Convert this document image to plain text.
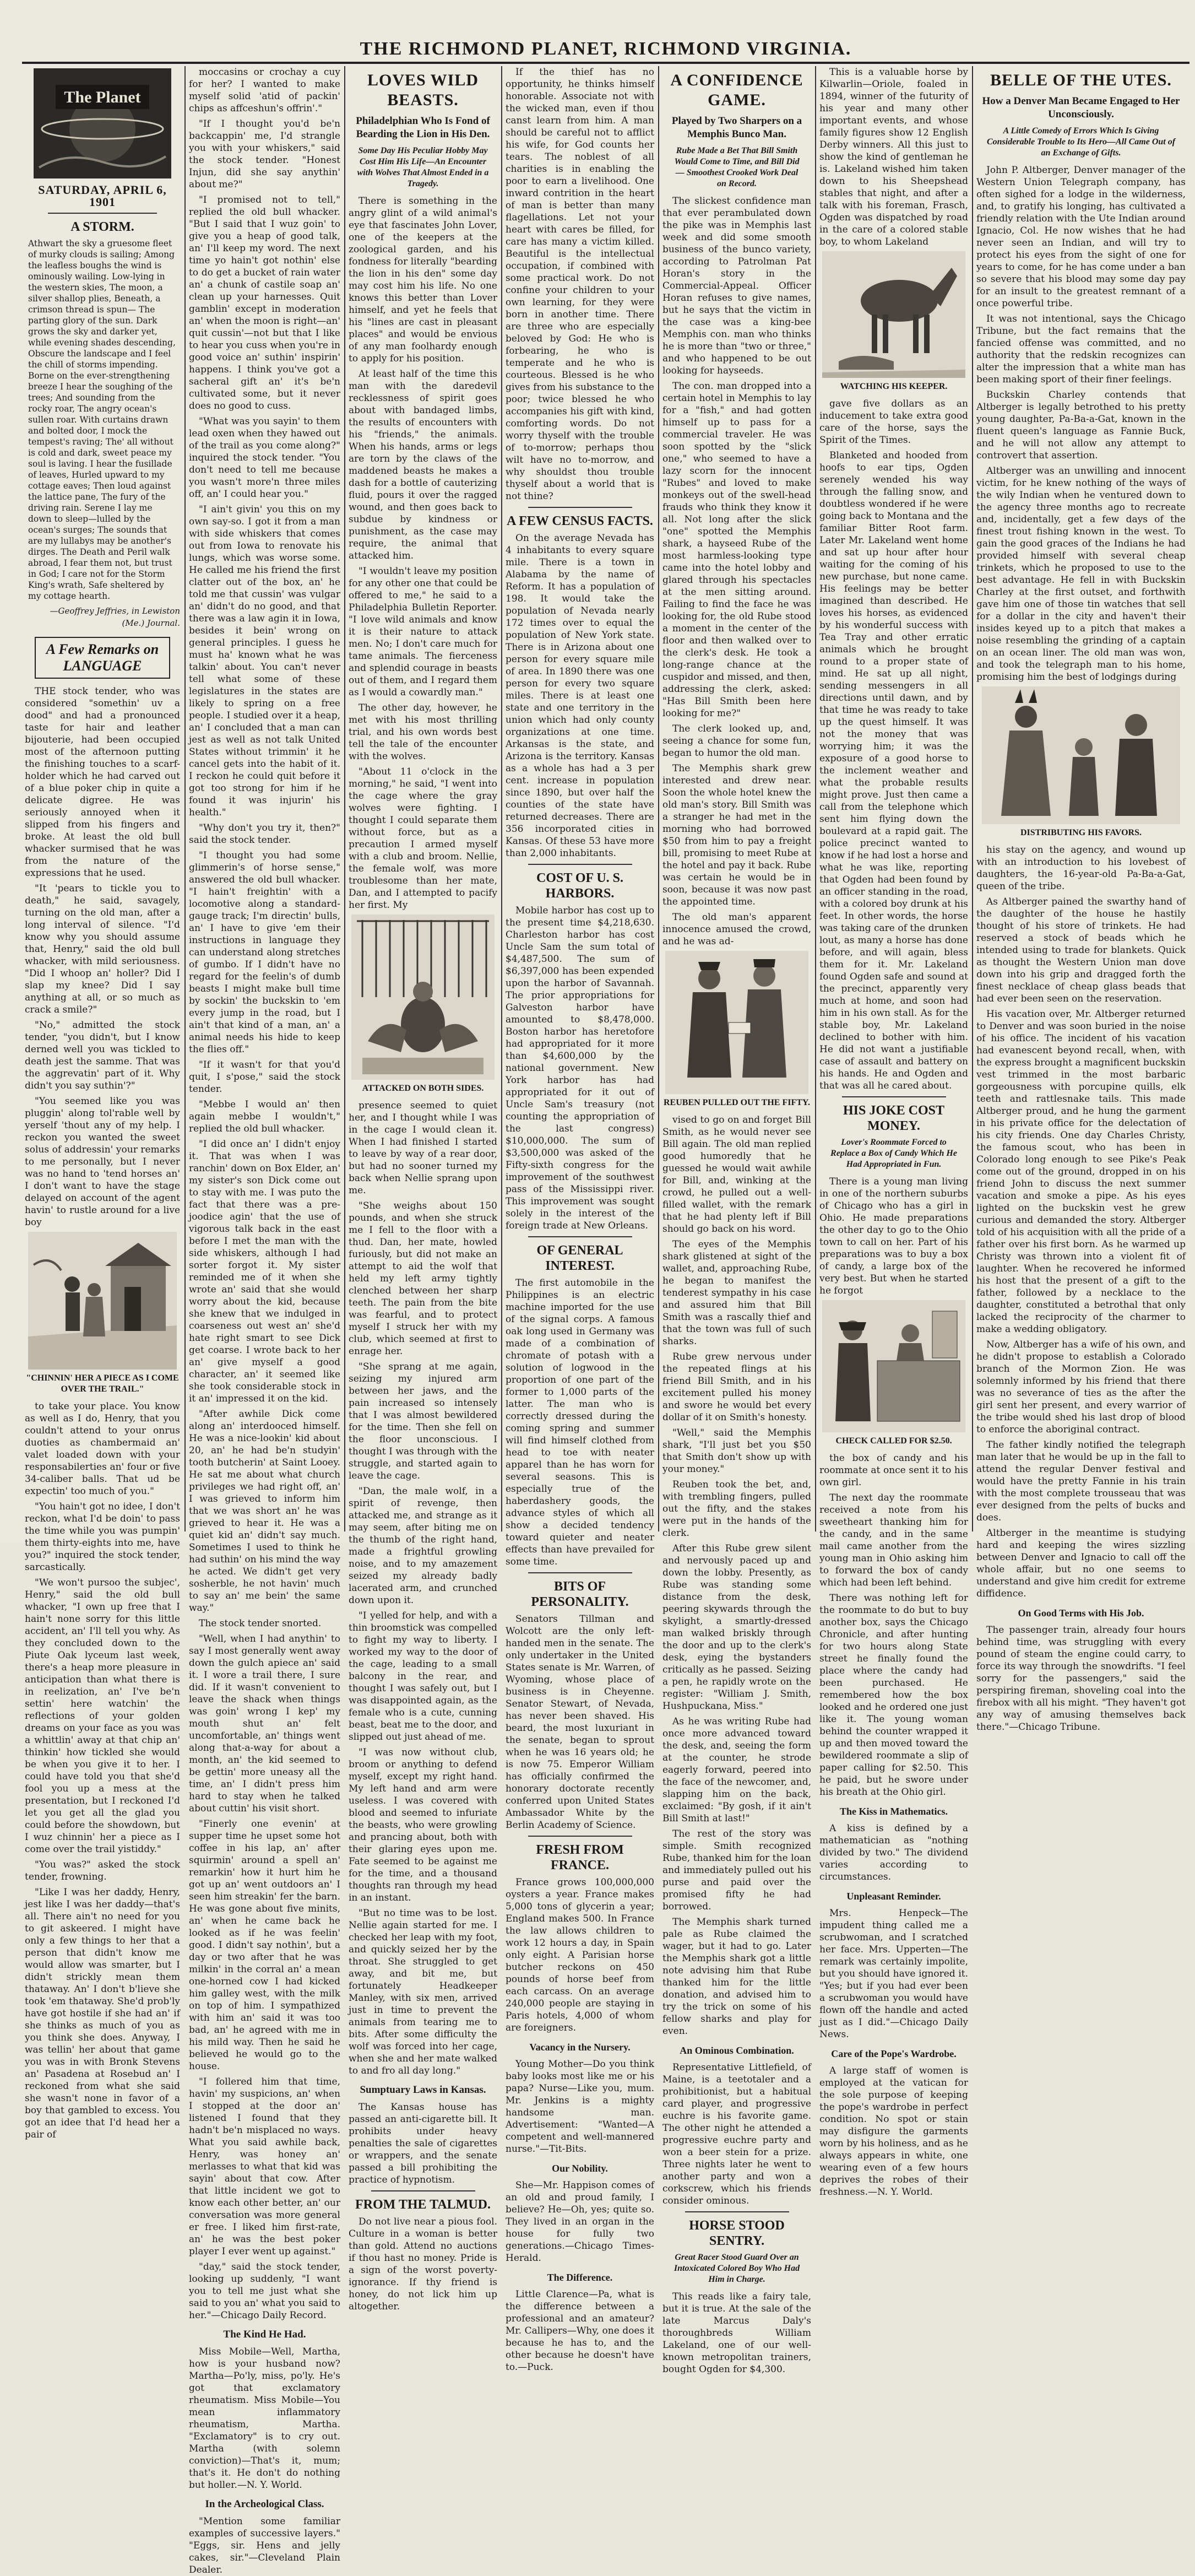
THE RICHMOND PLANET, RICHMOND VIRGINIA.
The Planet
SATURDAY, APRIL 6, 1901
A STORM.

Athwart the sky a gruesome fleet of murky clouds is sailing; Among the leafless boughs the wind is ominously wailing. Low-lying in the western skies, The moon, a silver shallop plies, Beneath, a crimson thread is spun— The parting glory of the sun. Dark grows the sky and darker yet, while evening shades descending, Obscure the landscape and I feel the chill of storms impending. Borne on the ever-strengthening breeze I hear the soughing of the trees; And sounding from the rocky roar, The angry ocean's sullen roar. With curtains drawn and bolted door, I mock the tempest's raving; The' all without is cold and dark, sweet peace my soul is laving. I hear the fusillade of leaves, Hurled upward to my cottage eaves; Then loud against the lattice pane, The fury of the driving rain. Serene I lay me down to sleep—lulled by the ocean's surges; The sounds that are my lullabys may be another's dirges. The Death and Peril walk abroad, I fear them not, but trust in God; I care not for the Storm King's wrath, Safe sheltered by my cottage hearth.

—Geoffrey Jeffries, in Lewiston (Me.) Journal.

A Few Remarks on LANGUAGE

THE stock tender, who was considered "somethin' uv a dood" and had a pronounced taste for hair and leather bijouterie, had been occupied most of the afternoon putting the finishing touches to a scarf-holder which he had carved out of a blue poker chip in quite a delicate digree. He was seriously annoyed when it slipped from his fingers and broke. At least the old bull whacker surmised that he was from the nature of the expressions that he used.

"It 'pears to tickle you to death," he said, savagely, turning on the old man, after a long interval of silence. "I'd know why you should assume that, Henry," said the old bull whacker, with mild seriousness. "Did I whoop an' holler? Did I slap my knee? Did I say anything at all, or so much as crack a smile?"

"No," admitted the stock tender, "you didn't, but I know derned well you was tickled to death jest the samme. That was the aggrevatin' part of it. Why didn't you say suthin'?"

"You seemed like you was pluggin' along tol'rable well by yerself 'thout any of my help. I reckon you wanted the sweet solus of addressin' your remarks to me personally, but I never was no hand to 'tend horses an' I don't want to have the stage delayed on account of the agent havin' to rustle around for a live boy

"CHINNIN' HER A PIECE AS I COME OVER THE TRAIL."

to take your place. You know as well as I do, Henry, that you couldn't attend to your onrus duoties as chambermaid an' valet loaded down with your responsabilerties an' four or five 34-caliber balls. That ud be expectin' too much of you."

"You hain't got no idee, I don't reckon, what I'd be doin' to pass the time while you was pumpin' them thirty-eights into me, have you?" inquired the stock tender, sarcastically.

"We won't pursoo the subjec', Henry," said the old bull whacker, "I own up free that I hain't none sorry for this little accident, an' I'll tell you why. As they concluded down to the Piute Oak lyceum last week, there's a heap more pleasure in anticipation than what there is in reelization, an' I've be'n settin' here watchin' the reflections of your golden dreams on your face as you was a whittlin' away at that chip an' thinkin' how tickled she would be when you give it to her. I could have told you that she'd fool you up a mess at the presentation, but I reckoned I'd let you get all the glad you could before the showdown, but I wuz chinnin' her a piece as I come over the trail yistiddy."

"You was?" asked the stock tender, frowning.

"Like I was her daddy, Henry, jest like I was her daddy—that's all. There ain't no need for you to git askeered. I might have only a few things to her that a person that didn't know me would allow was smarter, but I didn't strickly mean them thataway. An' I don't b'lieve she took 'em thataway. She'd prob'ly have got hostile if she had an' if she thinks as much of you as you think she does. Anyway, I was tellin' her about that game you was in with Bronk Stevens an' Pasadena at Rosebud an' I reckoned from what she said she wasn't none in favor of a boy that gambled to excess. You got an idee that I'd head her a pair of

moccasins or crochay a cuy for her? I wanted to make myself solid 'atid of packin' chips as affceshun's offrin'."

"If I thought you'd be'n backcappin' me, I'd strangle you with your whiskers," said the stock tender. "Honest Injun, did she say anythin' about me?"

"I promised not to tell," replied the old bull whacker. "But I said that I wuz goin' to give you a heap of good talk, an' I'll keep my word. The next time yo hain't got nothin' else to do get a bucket of rain water an' a chunk of castile soap an' clean up your harnesses. Quit gamblin' except in moderation an' when the moon is right—an' quit cussin'—not but that I like to hear you cuss when you're in good voice an' suthin' inspirin' happens. I think you've got a sacheral gift an' it's be'n cultivated some, but it never does no good to cuss.

"What was you sayin' to them lead oxen when they hawed out of the trail as you come along?" inquired the stock tender. "You don't need to tell me because you wasn't more'n three miles off, an' I could hear you."

"I ain't givin' you this on my own say-so. I got it from a man with side whiskers that comes out from Iowa to renovate his lungs, which was worse some. He called me his friend the first clatter out of the box, an' he told me that cussin' was vulgar an' didn't do no good, and that there was a law agin it in Iowa, besides it bein' wrong on general principles. I guess he must ha' known what he was talkin' about. You can't never tell what some of these legislatures in the states are likely to spring on a free people. I studied over it a heap, an' I concluded that a man can jest as well as not talk United States without trimmin' it he cancel gets into the habit of it. I reckon he could quit before it got too strong for him if he found it was injurin' his health."

"Why don't you try it, then?" said the stock tender.

"I thought you had some glimmerin's of horse sense," answered the old bull whacker. "I hain't freightin' with a locomotive along a standard-gauge track; I'm directin' bulls, an' I have to give 'em their instructions in language they can understand along stretches of gumbo. If I didn't have no regard for the feelin's of dumb beasts I might make bull time by sockin' the buckskin to 'em every jump in the road, but I ain't that kind of a man, an' a animal needs his hide to keep the flies off."

"If it wasn't for that you'd quit, I s'pose," said the stock tender.

"Mebbe I would an' then again mebbe I wouldn't," replied the old bull whacker.

"I did once an' I didn't enjoy it. That was when I was ranchin' down on Box Elder, an' my sister's son Dick come out to stay with me. I was puto the fact that there was a pre-joodice agin' that the use of vigorous talk back in the east before I met the man with the side whiskers, although I had sorter forgot it. My sister reminded me of it when she wrote an' said that she would worry about the kid, because she knew that we indulged in coarseness out west an' she'd hate right smart to see Dick get coarse. I wrote back to her an' give myself a good character, an' it seemed like she took considerable stock in it an' impressed it on the kid.

"After awhile Dick come along an' interdooced himself. He was a nice-lookin' kid about 20, an' he had be'n studyin' tooth butcherin' at Saint Looey. He sat me about what church privileges we had right off, an' I was grieved to inform him that we was short an' he was grieved to hear it. He was a quiet kid an' didn't say much. Sometimes I used to think he had suthin' on his mind the way he acted. We didn't get very sosherble, he not havin' much to say an' me bein' the same way."

The stock tender snorted.

"Well, when I had anythin' to say I most generally went away down the gulch apiece an' said it. I wore a trail there, I sure did. If it wasn't convenient to leave the shack when things was goin' wrong I kep' my mouth shut an' felt uncomfortable, an' things went along that-a-way for about a month, an' the kid seemed to be gettin' more uneasy all the time, an' I didn't press him hard to stay when he talked about cuttin' his visit short.

"Finerly one evenin' at supper time he upset some hot coffee in his lap, an' after squirmin' around a spell an' remarkin' how it hurt him he got up an' went outdoors an' I seen him streakin' fer the barn. He was gone about five minits, an' when he came back he looked as if he was feelin' good. I didn't say nothin', but a day or two after that he was milkin' in the corral an' a mean one-horned cow I had kicked him galley west, with the milk on top of him. I sympathized with him an' said it was too bad, an' he agreed with me in his mild way. Then he said he believed he would go to the house.

"I follered him that time, havin' my suspicions, an' when I stopped at the door an' listened I found that they hadn't be'n misplaced no ways. What you said awhile back, Henry, was honey an' merlasses to what that kid was sayin' about that cow. After that little incident we got to know each other better, an' our conversation was more general er free. I liked him first-rate, an' he was the best poker player I ever went up against."

"day," said the stock tender, looking up suddenly, "I want you to tell me just what she said to you an' what you said to her."—Chicago Daily Record.

The Kind He Had.

Miss Mobile—Well, Martha, how is your husband now? Martha—Po'ly, miss, po'ly. He's got that exclamatory rheumatism. Miss Mobile—You mean inflammatory rheumatism, Martha. "Exclamatory" is to cry out. Martha (with solemn conviction)—That's it, mum; that's it. He don't do nothing but holler.—N. Y. World.

In the Archeological Class.

"Mention some familiar examples of successive layers." "Eggs, sir. Hens and jelly cakes, sir."—Cleveland Plain Dealer.

LOVES WILD BEASTS.
Philadelphian Who Is Fond of Bearding the Lion in His Den.
Some Day His Peculiar Hobby May Cost Him His Life—An Encounter with Wolves That Almost Ended in a Tragedy.

There is something in the angry glint of a wild animal's eye that fascinates John Lover, one of the keepers at the zoological garden, and his fondness for literally "bearding the lion in his den" some day may cost him his life. No one knows this better than Lover himself, and yet he feels that his "lines are cast in pleasant places" and would be envious of any man foolhardy enough to apply for his position.

At least half of the time this man with the daredevil recklessness of spirit goes about with bandaged limbs, the results of encounters with his "friends," the animals. When his hands, arms or legs are torn by the claws of the maddened beasts he makes a dash for a bottle of cauterizing fluid, pours it over the ragged wound, and then goes back to subdue by kindness or punishment, as the case may require, the animal that attacked him.

"I wouldn't leave my position for any other one that could be offered to me," he said to a Philadelphia Bulletin Reporter. "I love wild animals and know it is their nature to attack men. No; I don't care much for tame animals. The fierceness and splendid courage in beasts out of them, and I regard them as I would a cowardly man."

The other day, however, he met with his most thrilling trial, and his own words best tell the tale of the encounter with the wolves.

"About 11 o'clock in the morning," he said, "I went into the cage where the gray wolves were fighting. I thought I could separate them without force, but as a precaution I armed myself with a club and broom. Nellie, the female wolf, was more troublesome than her mate, Dan, and I attempted to pacify her first. My

ATTACKED ON BOTH SIDES.

presence seemed to quiet her, and I thought while I was in the cage I would clean it. When I had finished I started to leave by way of a rear door, but had no sooner turned my back when Nellie sprang upon me.

"She weighs about 150 pounds, and when she struck me I fell to the floor with a thud. Dan, her mate, howled furiously, but did not make an attempt to aid the wolf that held my left army tightly clenched between her sharp teeth. The pain from the bite was fearful, and to protect myself I struck her with my club, which seemed at first to enrage her.

"She sprang at me again, seizing my injured arm between her jaws, and the pain increased so intensely that I was almost bewildered for the time. Then she fell on the floor unconscious. I thought I was through with the struggle, and started again to leave the cage.

"Dan, the male wolf, in a spirit of revenge, then attacked me, and strange as it may seem, after biting me on the thumb of the right hand, made a frightful growling noise, and to my amazement seized my already badly lacerated arm, and crunched down upon it.

"I yelled for help, and with a thin broomstick was compelled to fight my way to liberty. I worked my way to the door of the cage, leading to a small balcony in the rear, and thought I was safely out, but I was disappointed again, as the female who is a cute, cunning beast, beat me to the door, and slipped out just ahead of me.

"I was now without club, broom or anything to defend myself, except my right hand. My left hand and arm were useless. I was covered with blood and seemed to infuriate the beasts, who were growling and prancing about, both with their glaring eyes upon me. Fate seemed to be against me for the time, and a thousand thoughts ran through my head in an instant.

"But no time was to be lost. Nellie again started for me. I checked her leap with my foot, and quickly seized her by the throat. She struggled to get away, and bit me, but fortunately Headkeeper Manley, with six men, arrived just in time to prevent the animals from tearing me to bits. After some difficulty the wolf was forced into her cage, when she and her mate walked to and fro all day long."

Sumptuary Laws in Kansas.

The Kansas house has passed an anti-cigarette bill. It prohibits under heavy penalties the sale of cigarettes or wrappers, and the senate passed a bill prohibiting the practice of hypnotism.

FROM THE TALMUD.

Do not live near a pious fool. Culture in a woman is better than gold. Attend no auctions if thou hast no money. Pride is a sign of the worst poverty-ignorance. If thy friend is honey, do not lick him up altogether.

If the thief has no opportunity, he thinks himself honorable. Associate not with the wicked man, even if thou canst learn from him. A man should be careful not to afflict his wife, for God counts her tears. The noblest of all charities is in enabling the poor to earn a livelihood. One inward contrition in the heart of man is better than many flagellations. Let not your heart with cares be filled, for care has many a victim killed. Beautiful is the intellectual occupation, if combined with some practical work. Do not confine your children to your own learning, for they were born in another time. There are three who are especially beloved by God: He who is forbearing, he who is temperate and he who is courteous. Blessed is he who gives from his substance to the poor; twice blessed he who accompanies his gift with kind, comforting words. Do not worry thyself with the trouble of to-morrow; perhaps thou wilt have no to-morrow, and why shouldst thou trouble thyself about a world that is not thine?

A FEW CENSUS FACTS.

On the average Nevada has 4 inhabitants to every square mile. There is a town in Alabama by the name of Reform. It has a population of 198. It would take the population of Nevada nearly 172 times over to equal the population of New York state. There is in Arizona about one person for every square mile of area. In 1890 there was one person for every two square miles. There is at least one state and one territory in the union which had only county organizations at one time. Arkansas is the state, and Arizona is the territory. Kansas as a whole has had a 3 per cent. increase in population since 1890, but over half the counties of the state have returned decreases. There are 356 incorporated cities in Kansas. Of these 53 have more than 2,000 inhabitants.

COST OF U. S. HARBORS.

Mobile harbor has cost up to the present time $4,218,630. Charleston harbor has cost Uncle Sam the sum total of $4,487,500. The sum of $6,397,000 has been expended upon the harbor of Savannah. The prior appropriations for Galveston harbor have amounted to $8,478,000. Boston harbor has heretofore had appropriated for it more than $4,600,000 by the national government. New York harbor has had appropriated for it out of Uncle Sam's treasury (not counting the appropriation of the last congress) $10,000,000. The sum of $3,500,000 was asked of the Fifty-sixth congress for the improvement of the southwest pass of the Mississippi river. This improvement was sought solely in the interest of the foreign trade at New Orleans.

OF GENERAL INTEREST.

The first automobile in the Philippines is an electric machine imported for the use of the signal corps. A famous oak long used in Germany was made of a combination of chromate of potash with a solution of logwood in the proportion of one part of the former to 1,000 parts of the latter. The man who is correctly dressed during the coming spring and summer will find himself clothed from head to toe with neater apparel than he has worn for several seasons. This is especially true of the haberdashery goods, the advance styles of which all show a decided tendency toward quieter and neater effects than have prevailed for some time.

BITS OF PERSONALITY.

Senators Tillman and Wolcott are the only left-handed men in the senate. The only undertaker in the United States senate is Mr. Warren, of Wyoming, whose place of business is in Cheyenne. Senator Stewart, of Nevada, has never been shaved. His beard, the most luxuriant in the senate, began to sprout when he was 16 years old; he is now 75. Emperor William has officially confirmed the honorary doctorate recently conferred upon United States Ambassador White by the Berlin Academy of Science.

FRESH FROM FRANCE.

France grows 100,000,000 oysters a year. France makes 5,000 tons of glycerin a year; England makes 500. In France the law allows children to work 12 hours a day, in Spain only eight. A Parisian horse butcher reckons on 450 pounds of horse beef from each carcass. On an average 240,000 people are staying in Paris hotels, 4,000 of whom are foreigners.

Vacancy in the Nursery.

Young Mother—Do you think baby looks most like me or his papa? Nurse—Like you, mum. Mr. Jenkins is a mighty handsome man. Advertisement: "Wanted—A competent and well-mannered nurse."—Tit-Bits.

Our Nobility.

She—Mr. Happison comes of an old and proud family, I believe? He—Oh, yes; quite so. They lived in an organ in the house for fully two generations.—Chicago Times-Herald.

The Difference.

Little Clarence—Pa, what is the difference between a professional and an amateur? Mr. Callipers—Why, one does it because he has to, and the other because he doesn't have to.—Puck.

A CONFIDENCE GAME.
Played by Two Sharpers on a Memphis Bunco Man.
Rube Made a Bet That Bill Smith Would Come to Time, and Bill Did — Smoothest Crooked Work Deal on Record.

The slickest confidence man that ever perambulated down the pike was in Memphis last week and did some smooth business of the bunco variety, according to Patrolman Pat Horan's story in the Commercial-Appeal. Officer Horan refuses to give names, but he says that the victim in the case was a king-bee Memphis con. man who thinks he is more than "two or three," and who happened to be out looking for hayseeds.

The con. man dropped into a certain hotel in Memphis to lay for a "fish," and had gotten himself up to pass for a commercial traveler. He was soon spotted by the "slick one," who seemed to have a lazy scorn for the innocent "Rubes" and loved to make monkeys out of the swell-head frauds who think they know it all. Not long after the slick "one" spotted the Memphis shark, a hayseed Rube of the most harmless-looking type came into the hotel lobby and glared through his spectacles at the men sitting around. Failing to find the face he was looking for, the old Rube stood a moment in the center of the floor and then walked over to the clerk's desk. He took a long-range chance at the cuspidor and missed, and then, addressing the clerk, asked: "Has Bill Smith been here looking for me?"

The clerk looked up, and, seeing a chance for some fun, began to humor the old man.

The Memphis shark grew interested and drew near. Soon the whole hotel knew the old man's story. Bill Smith was a stranger he had met in the morning who had borrowed $50 from him to pay a freight bill, promising to meet Rube at the hotel and pay it back. Rube was certain he would be in soon, because it was now past the appointed time.

The old man's apparent innocence amused the crowd, and he was ad-

REUBEN PULLED OUT THE FIFTY.

vised to go on and forget Bill Smith, as he would never see Bill again. The old man replied good humoredly that he guessed he would wait awhile for Bill, and, winking at the crowd, he pulled out a well-filled wallet, with the remark that he had plenty left if Bill should go back on his word.

The eyes of the Memphis shark glistened at sight of the wallet, and, approaching Rube, he began to manifest the tenderest sympathy in his case and assured him that Bill Smith was a rascally thief and that the town was full of such sharks.

Rube grew nervous under the repeated flings at his friend Bill Smith, and in his excitement pulled his money and swore he would bet every dollar of it on Smith's honesty.

"Well," said the Memphis shark, "I'll just bet you $50 that Smith don't show up with your money."

Reuben took the bet, and, with trembling fingers, pulled out the fifty, and the stakes were put in the hands of the clerk.

After this Rube grew silent and nervously paced up and down the lobby. Presently, as Rube was standing some distance from the desk, peering skywards through the skylight, a smartly-dressed man walked briskly through the door and up to the clerk's desk, eying the bystanders critically as he passed. Seizing a pen, he rapidly wrote on the register: "William J. Smith, Hushpuckana, Miss."

As he was writing Rube had once more advanced toward the desk, and, seeing the form at the counter, he strode eagerly forward, peered into the face of the newcomer, and, slapping him on the back, exclaimed: "By gosh, if it ain't Bill Smith at last!"

The rest of the story was simple. Smith recognized Rube, thanked him for the loan and immediately pulled out his purse and paid over the promised fifty he had borrowed.

The Memphis shark turned pale as Rube claimed the wager, but it had to go. Later the Memphis shark got a little note advising him that Rube thanked him for the little donation, and advised him to try the trick on some of his fellow sharks and play for even.

An Ominous Combination.

Representative Littlefield, of Maine, is a teetotaler and a prohibitionist, but a habitual card player, and progressive euchre is his favorite game. The other night he attended a progressive euchre party and won a beer stein for a prize. Three nights later he went to another party and won a corkscrew, which his friends consider ominous.

HORSE STOOD SENTRY.
Great Racer Stood Guard Over an Intoxicated Colored Boy Who Had Him in Charge.

This reads like a fairy tale, but it is true. At the sale of the late Marcus Daly's thoroughbreds William Lakeland, one of our well-known metropolitan trainers, bought Ogden for $4,300.

This is a valuable horse by Kilwarlin—Oriole, foaled in 1894, winner of the futurity of his year and many other important events, and whose family figures show 12 English Derby winners. All this just to show the kind of gentleman he is. Lakeland wished him taken down to his Sheepshead stables that night, and after a talk with his foreman, Frasch, Ogden was dispatched by road in the care of a colored stable boy, to whom Lakeland

WATCHING HIS KEEPER.

gave five dollars as an inducement to take extra good care of the horse, says the Spirit of the Times.

Blanketed and hooded from hoofs to ear tips, Ogden serenely wended his way through the falling snow, and doubtless wondered if he were going back to Montana and the familiar Bitter Root farm. Later Mr. Lakeland went home and sat up hour after hour waiting for the coming of his new purchase, but none came. His feelings may be better imagined than described. He loves his horses, as evidenced by his wonderful success with Tea Tray and other erratic animals which he brought round to a proper state of mind. He sat up all night, sending messengers in all directions until dawn, and by that time he was ready to take up the quest himself. It was not the money that was worrying him; it was the exposure of a good horse to the inclement weather and what the probable results might prove. Just then came a call from the telephone which sent him flying down the boulevard at a rapid gait. The police precinct wanted to know if he had lost a horse and what he was like, reporting that Ogden had been found by an officer standing in the road, with a colored boy drunk at his feet. In other words, the horse was taking care of the drunken lout, as many a horse has done before, and will again, bless them for it. Mr. Lakeland found Ogden safe and sound at the precinct, apparently very much at home, and soon had him in his own stall. As for the stable boy, Mr. Lakeland declined to bother with him. He did not want a justifiable case of assault and battery on his hands. He and Ogden and that was all he cared about.

HIS JOKE COST MONEY.
Lover's Roommate Forced to Replace a Box of Candy Which He Had Appropriated in Fun.

There is a young man living in one of the northern suburbs of Chicago who has a girl in Ohio. He made preparations the other day to go to the Ohio town to call on her. Part of his preparations was to buy a box of candy, a large box of the very best. But when he started he forgot

CHECK CALLED FOR $2.50.

the box of candy and his roommate at once sent it to his own girl.

The next day the roommate received a note from his sweetheart thanking him for the candy, and in the same mail came another from the young man in Ohio asking him to forward the box of candy which had been left behind.

There was nothing left for the roommate to do but to buy another box, says the Chicago Chronicle, and after hunting for two hours along State street he finally found the place where the candy had been purchased. He remembered how the box looked and he ordered one just like it. The young woman behind the counter wrapped it up and then moved toward the bewildered roommate a slip of paper calling for $2.50. This he paid, but he swore under his breath at the Ohio girl.

The Kiss in Mathematics.

A kiss is defined by a mathematician as "nothing divided by two." The dividend varies according to circumstances.

Unpleasant Reminder.

Mrs. Henpeck—The impudent thing called me a scrubwoman, and I scratched her face. Mrs. Upperten—The remark was certainly impolite, but you should have ignored it. "Yes; but if you had ever been a scrubwoman you would have flown off the handle and acted just as I did."—Chicago Daily News.

Care of the Pope's Wardrobe.

A large staff of women is employed at the vatican for the sole purpose of keeping the pope's wardrobe in perfect condition. No spot or stain may disfigure the garments worn by his holiness, and as he always appears in white, one wearing even of a few hours deprives the robes of their freshness.—N. Y. World.

BELLE OF THE UTES.
How a Denver Man Became Engaged to Her Unconsciously.
A Little Comedy of Errors Which Is Giving Considerable Trouble to Its Hero—All Came Out of an Exchange of Gifts.

John P. Altberger, Denver manager of the Western Union Telegraph company, has often sighed for a lodge in the wilderness, and, to gratify his longing, has cultivated a friendly relation with the Ute Indian around Ignacio, Col. He now wishes that he had never seen an Indian, and will try to protect his eyes from the sight of one for years to come, for he has come under a ban so severe that his blood may some day pay for an insult to the greatest remnant of a once powerful tribe.

It was not intentional, says the Chicago Tribune, but the fact remains that the fancied offense was committed, and no authority that the redskin recognizes can alter the impression that a white man has been making sport of their finer feelings.

Buckskin Charley contends that Altberger is legally betrothed to his pretty young daughter, Pa-Ba-a-Gat, known in the fluent queen's language as Fannie Buck, and he will not allow any attempt to controvert that assertion.

Altberger was an unwilling and innocent victim, for he knew nothing of the ways of the wily Indian when he ventured down to the agency three months ago to recreate and, incidentally, get a few days of the finest trout fishing known in the west. To gain the good graces of the Indians he had provided himself with several cheap trinkets, which he proposed to use to the best advantage. He fell in with Buckskin Charley at the first outset, and forthwith gave him one of those tin watches that sell for a dollar in the city and haven't their insides keyed up to a pitch that makes a noise resembling the grinding of a captain on an ocean liner. The old man was won, and took the telegraph man to his home, promising him the best of lodgings during

DISTRIBUTING HIS FAVORS.

his stay on the agency, and wound up with an introduction to his lovebest of daughters, the 16-year-old Pa-Ba-a-Gat, queen of the tribe.

As Altberger pained the swarthy hand of the daughter of the house he hastily thought of his store of trinkets. He had reserved a stock of beads which he intended using to trade for blankets. Quick as thought the Western Union man dove down into his grip and dragged forth the finest necklace of cheap glass beads that had ever been seen on the reservation.

His vacation over, Mr. Altberger returned to Denver and was soon buried in the noise of his office. The incident of his vacation had evanescent beyond recall, when, with the express brought a magnificent buckskin vest trimmed in the most barbaric gorgeousness with porcupine quills, elk teeth and rattlesnake tails. This made Altberger proud, and he hung the garment in his private office for the delectation of his city friends. One day Charles Christy, the famous scout, who has been in Colorado long enough to see Pike's Peak come out of the ground, dropped in on his friend John to discuss the next summer vacation and smoke a pipe. As his eyes lighted on the buckskin vest he grew curious and demanded the story. Altberger told of his acquisition with all the pride of a father over his first born. As he warmed up Christy was thrown into a violent fit of laughter. When he recovered he informed his host that the present of a gift to the father, followed by a necklace to the daughter, constituted a betrothal that only lacked the reciprocity of the charmer to make a wedding obligatory.

Now, Altberger has a wife of his own, and he didn't propose to establish a Colorado branch of the Mormon Zion. He was solemnly informed by his friend that there was no severance of ties as the after the girl sent her present, and every warrior of the tribe would shed his last drop of blood to enforce the aboriginal contract.

The father kindly notified the telegraph man later that he would be up in the fall to attend the regular Denver festival and would have the pretty Fannie in his train with the most complete trousseau that was ever designed from the pelts of bucks and does.

Altberger in the meantime is studying hard and keeping the wires sizzling between Denver and Ignacio to call off the whole affair, but no one seems to understand and give him credit for extreme diffidence.

On Good Terms with His Job.

The passenger train, already four hours behind time, was struggling with every pound of steam the engine could carry, to force its way through the snowdrifts. "I feel sorry for the passengers," said the perspiring fireman, shoveling coal into the firebox with all his might. "They haven't got any way of amusing themselves back there."—Chicago Tribune.
